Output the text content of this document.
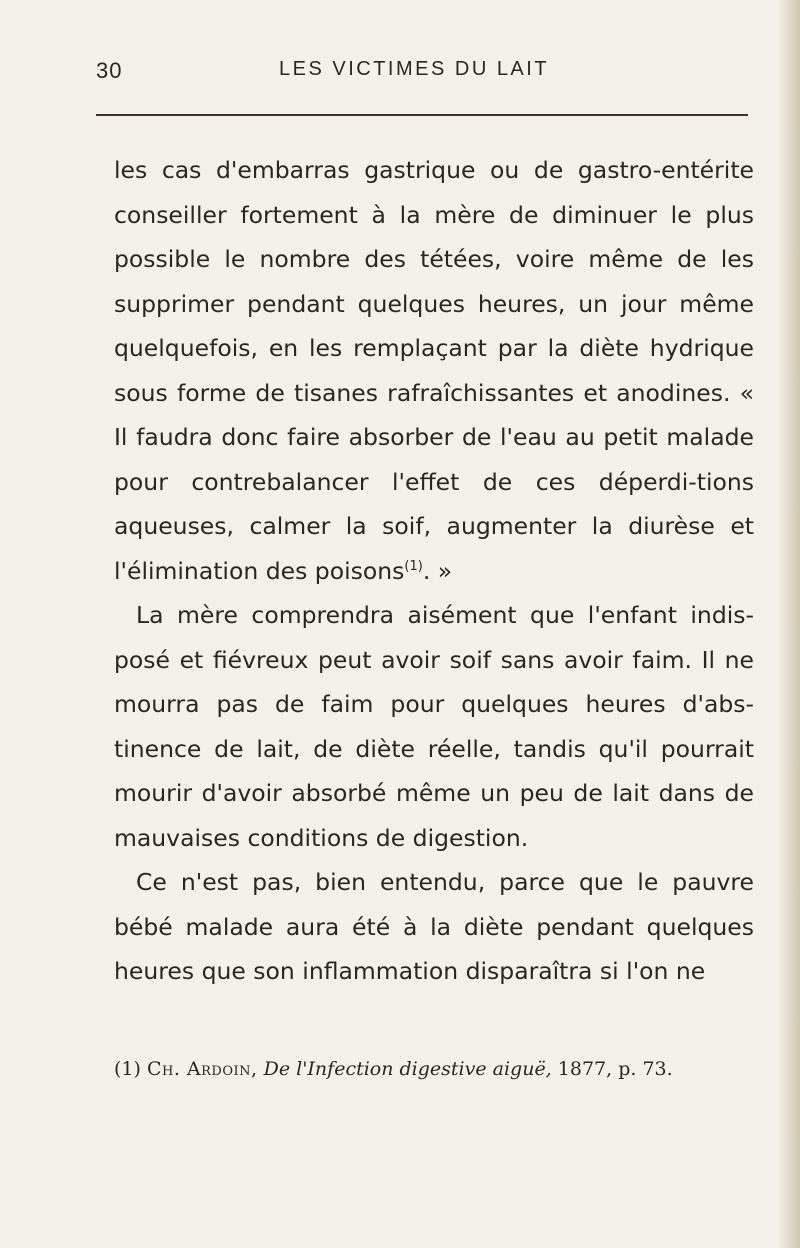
30	LES VICTIMES DU LAIT

les cas d'embarras gastrique ou de gastro-entérite conseiller fortement à la mère de diminuer le plus possible le nombre des tétées, voire même de les supprimer pendant quelques heures, un jour même quelquefois, en les remplaçant par la diète hydrique sous forme de tisanes rafraîchissantes et anodines. « Il faudra donc faire absorber de l'eau au petit malade pour contrebalancer l'effet de ces déperdi-tions aqueuses, calmer la soif, augmenter la diurèse et l'élimination des poisons$^{(1)}$. »

La mère comprendra aisément que l'enfant indis-posé et fiévreux peut avoir soif sans avoir faim. Il ne mourra pas de faim pour quelques heures d'abs-tinence de lait, de diète réelle, tandis qu'il pourrait mourir d'avoir absorbé même un peu de lait dans de mauvaises conditions de digestion.

Ce n'est pas, bien entendu, parce que le pauvre bébé malade aura été à la diète pendant quelques heures que son inflammation disparaîtra si l'on ne

(1) Ch. Ardoin, De l'Infection digestive aiguë, 1877, p. 73.
